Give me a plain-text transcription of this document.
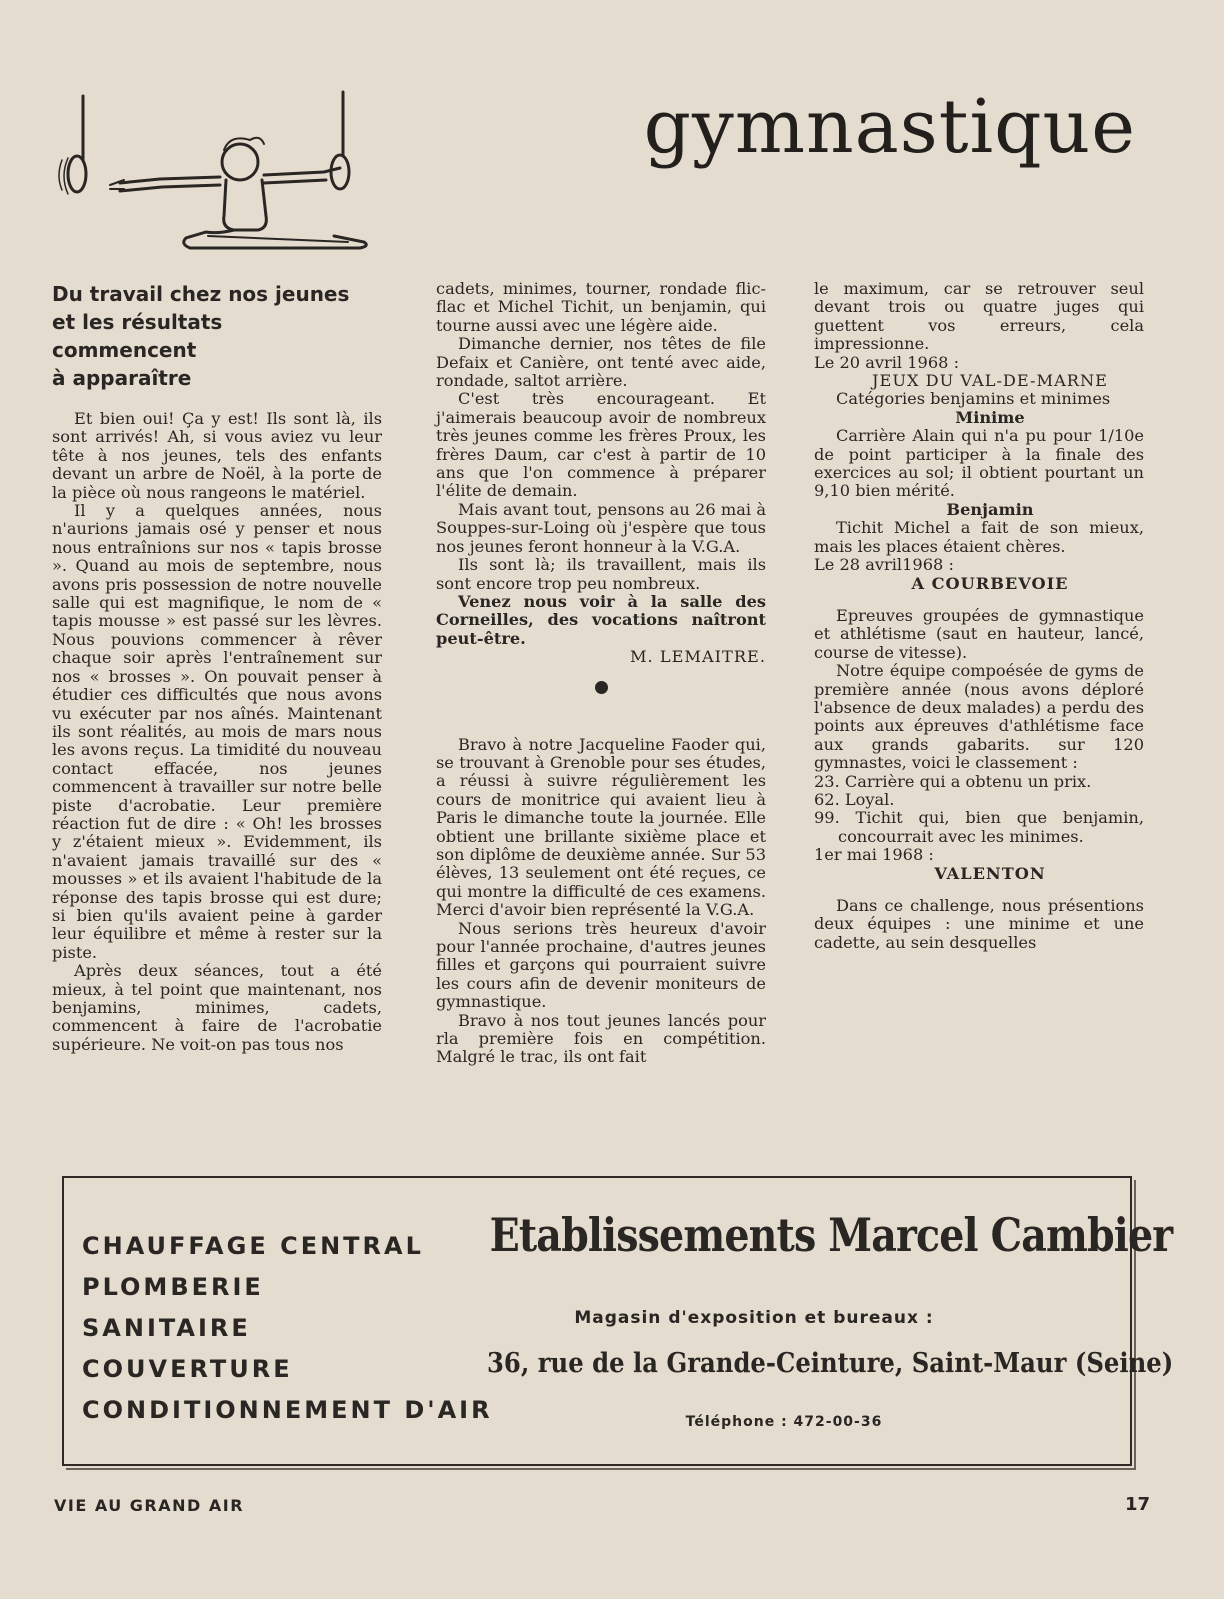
gymnastique
Du travail chez nos jeunes
et les résultats
commencent
à apparaître

Et bien oui! Ça y est! Ils sont là, ils sont arrivés! Ah, si vous aviez vu leur tête à nos jeunes, tels des enfants devant un arbre de Noël, à la porte de la pièce où nous rangeons le matériel.

Il y a quelques années, nous n'aurions jamais osé y penser et nous nous entraînions sur nos « tapis brosse ». Quand au mois de septembre, nous avons pris possession de notre nouvelle salle qui est magnifique, le nom de « tapis mousse » est passé sur les lèvres. Nous pouvions commencer à rêver chaque soir après l'entraînement sur nos « brosses ». On pouvait penser à étudier ces difficultés que nous avons vu exécuter par nos aînés. Maintenant ils sont réalités, au mois de mars nous les avons reçus. La timidité du nouveau contact effacée, nos jeunes commencent à travailler sur notre belle piste d'acrobatie. Leur première réaction fut de dire : « Oh! les brosses y z'étaient mieux ». Evidemment, ils n'avaient jamais travaillé sur des « mousses » et ils avaient l'habitude de la réponse des tapis brosse qui est dure; si bien qu'ils avaient peine à garder leur équilibre et même à rester sur la piste.

Après deux séances, tout a été mieux, à tel point que maintenant, nos benjamins, minimes, cadets, commencent à faire de l'acrobatie supérieure. Ne voit-on pas tous nos

cadets, minimes, tourner, rondade flic-flac et Michel Tichit, un benjamin, qui tourne aussi avec une légère aide.

Dimanche dernier, nos têtes de file Defaix et Canière, ont tenté avec aide, rondade, saltot arrière.

C'est très encourageant. Et j'aimerais beaucoup avoir de nombreux très jeunes comme les frères Proux, les frères Daum, car c'est à partir de 10 ans que l'on commence à préparer l'élite de demain.

Mais avant tout, pensons au 26 mai à Souppes-sur-Loing où j'espère que tous nos jeunes feront honneur à la V.G.A.

Ils sont là; ils travaillent, mais ils sont encore trop peu nombreux.

Venez nous voir à la salle des Corneilles, des vocations naîtront peut-être.

M. LEMAITRE.

Bravo à notre Jacqueline Faoder qui, se trouvant à Grenoble pour ses études, a réussi à suivre régulièrement les cours de monitrice qui avaient lieu à Paris le dimanche toute la journée. Elle obtient une brillante sixième place et son diplôme de deuxième année. Sur 53 élèves, 13 seulement ont été reçues, ce qui montre la difficulté de ces examens. Merci d'avoir bien représenté la V.G.A.

Nous serions très heureux d'avoir pour l'année prochaine, d'autres jeunes filles et garçons qui pourraient suivre les cours afin de devenir moniteurs de gymnastique.

Bravo à nos tout jeunes lancés pour rla première fois en compétition. Malgré le trac, ils ont fait

le maximum, car se retrouver seul devant trois ou quatre juges qui guettent vos erreurs, cela impressionne.

Le 20 avril 1968 :

JEUX DU VAL-DE-MARNE

Catégories benjamins et minimes

Minime

Carrière Alain qui n'a pu pour 1/10e de point participer à la finale des exercices au sol; il obtient pourtant un 9,10 bien mérité.

Benjamin

Tichit Michel a fait de son mieux, mais les places étaient chères.

Le 28 avril1968 :

A COURBEVOIE

Epreuves groupées de gymnastique et athlétisme (saut en hauteur, lancé, course de vitesse).

Notre équipe compoésée de gyms de première année (nous avons déploré l'absence de deux malades) a perdu des points aux épreuves d'athlétisme face aux grands gabarits. sur 120 gymnastes, voici le classement :

23. Carrière qui a obtenu un prix.
62. Loyal.
99. Tichit qui, bien que benjamin, concourrait avec les minimes.

1er mai 1968 :

VALENTON

Dans ce challenge, nous présentions deux équipes : une minime et une cadette, au sein desquelles

CHAUFFAGE CENTRAL
PLOMBERIE
SANITAIRE
COUVERTURE
CONDITIONNEMENT D'AIR
Etablissements Marcel Cambier
Magasin d'exposition et bureaux :
36, rue de la Grande-Ceinture, Saint-Maur (Seine)
Téléphone : 472-00-36
VIE AU GRAND AIR	17
